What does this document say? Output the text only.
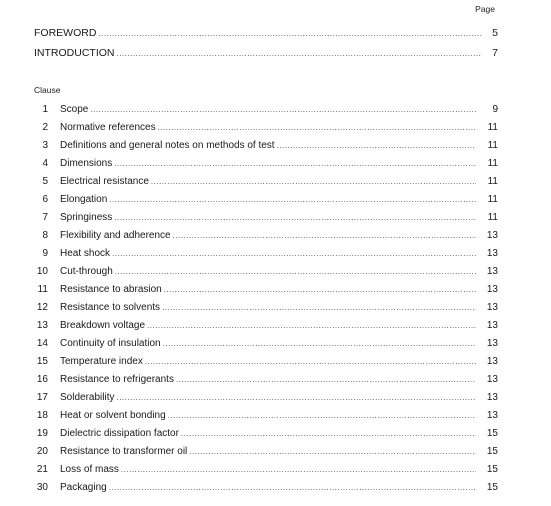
Page
FOREWORD .....	5
INTRODUCTION .....	7
Clause
1	Scope .....	9
2	Normative references .....	11
3	Definitions and general notes on methods of test .....	11
4	Dimensions .....	11
5	Electrical resistance .....	11
6	Elongation .....	11
7	Springiness .....	11
8	Flexibility and adherence .....	13
9	Heat shock .....	13
10	Cut-through .....	13
11	Resistance to abrasion .....	13
12	Resistance to solvents .....	13
13	Breakdown voltage .....	13
14	Continuity of insulation .....	13
15	Temperature index .....	13
16	Resistance to refrigerants .....	13
17	Solderability .....	13
18	Heat or solvent bonding .....	13
19	Dielectric dissipation factor .....	15
20	Resistance to transformer oil .....	15
21	Loss of mass .....	15
30	Packaging .....	15
